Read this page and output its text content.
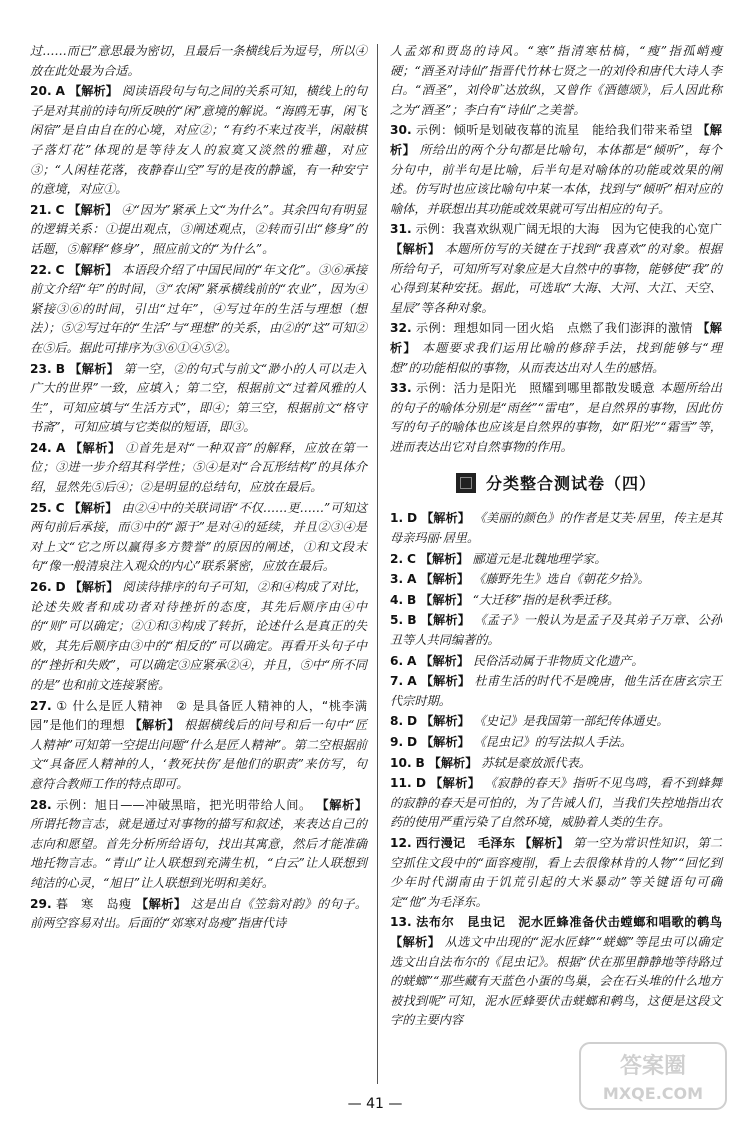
过……而已”意思最为密切，且最后一条横线后为逗号，所以④放在此处最为合适。

20. A 【解析】 阅读语段句与句之间的关系可知，横线上的句子是对其前的诗句所反映的“闲”意境的解说。“海鸥无事，闲飞闲宿”是自由自在的心境，对应②；“有约不来过夜半，闲敲棋子落灯花”体现的是等待友人的寂寞又淡然的雅趣，对应③；“人闲桂花落，夜静春山空”写的是夜的静谧，有一种安宁的意境，对应①。

21. C 【解析】 ④“因为”紧承上文“为什么”。其余四句有明显的逻辑关系：①提出观点，③阐述观点，②转而引出“修身”的话题，⑤解释“修身”，照应前文的“为什么”。

22. C 【解析】 本语段介绍了中国民间的“年文化”。③⑥承接前文介绍“年”的时间，③“农闲”紧承横线前的“农业”，因为④紧接③⑥的时间，引出“过年”，④写过年的生活与理想（想法）；⑤②写过年的“生活”与“理想”的关系，由②的“这”可知②在⑤后。据此可排序为③⑥①④⑤②。

23. B 【解析】 第一空，②的句式与前文“渺小的人可以走入广大的世界”一致，应填入；第二空，根据前文“过着风雅的人生”，可知应填与“生活方式”，即④；第三空，根据前文“格守书斋”，可知应填与它类似的短语，即③。

24. A 【解析】 ①首先是对“一种双音”的解释，应放在第一位；③进一步介绍其科学性；⑤④是对“合瓦形结构”的具体介绍，显然先⑤后④；②是明显的总结句，应放在最后。

25. C 【解析】 由②④中的关联词语“不仅……更……”可知这两句前后承接，而③中的“源于”是对④的延续，并且②③④是对上文“它之所以赢得多方赞誉”的原因的阐述，①和文段末句“像一般清泉注入观众的内心”联系紧密，应放在最后。

26. D 【解析】 阅读待排序的句子可知，②和④构成了对比，论述失败者和成功者对待挫折的态度，其先后顺序由④中的“则”可以确定；②①和③构成了转折，论述什么是真正的失败，其先后顺序由③中的“相反的”可以确定。再看开头句子中的“挫折和失败”，可以确定③应紧承②④，并且，⑤中“所不同的是”也和前文连接紧密。

27. ① 什么是匠人精神　② 是具备匠人精神的人，“桃李满园”是他们的理想 【解析】 根据横线后的问号和后一句中“匠人精神”可知第一空提出问题“什么是匠人精神”。第二空根据前文“具备匠人精神的人，‘教死扶伤’是他们的职责”来仿写，句意符合教师工作的特点即可。

28. 示例：旭日——冲破黑暗，把光明带给人间。 【解析】 所谓托物言志，就是通过对事物的描写和叙述，来表达自己的志向和愿望。首先分析所给语句，找出其寓意，然后才能准确地托物言志。“青山”让人联想到充满生机，“白云”让人联想到纯洁的心灵，“旭日”让人联想到光明和美好。

29. 暮　寒　岛瘦 【解析】 这是出自《笠翁对韵》的句子。前两空容易对出。后面的“郊寒对岛瘦”指唐代诗

人孟郊和贾岛的诗风。“寒”指清寒枯槁，“瘦”指孤峭瘦硬；“酒圣对诗仙”指晋代竹林七贤之一的刘伶和唐代大诗人李白。“酒圣”，刘伶旷达放纵，又曾作《酒德颂》，后人因此称之为“酒圣”；李白有“诗仙”之美誉。

30. 示例：倾听是划破夜幕的流星　能给我们带来希望 【解析】 所给出的两个分句都是比喻句，本体都是“倾听”，每个分句中，前半句是比喻，后半句是对喻体的功能或效果的阐述。仿写时也应该比喻句中某一本体，找到与“倾听”相对应的喻体，并联想出其功能或效果就可写出相应的句子。

31. 示例：我喜欢纵观广阔无垠的大海　因为它使我的心宽广 【解析】 本题所仿写的关键在于找到“我喜欢”的对象。根据所给句子，可知所写对象应是大自然中的事物，能够使“我”的心得到某种安抚。据此，可选取“大海、大河、大江、天空、星辰”等各种对象。

32. 示例：理想如同一团火焰　点燃了我们澎湃的激情 【解析】 本题要求我们运用比喻的修辞手法，找到能够与“理想”的功能相似的事物，从而表达出对人生的感悟。

33. 示例：活力是阳光　照耀到哪里都散发暖意 本题所给出的句子的喻体分别是“雨丝”“雷电”，是自然界的事物，因此仿写的句子的喻体也应该是自然界的事物，如“阳光”“霜雪”等，进而表达出它对自然事物的作用。

分类整合测试卷（四）

1. D 【解析】 《美丽的颜色》的作者是艾芙·居里，传主是其母亲玛丽·居里。

2. C 【解析】 郦道元是北魏地理学家。

3. A 【解析】 《藤野先生》选自《朝花夕拾》。

4. B 【解析】 “大迁移”指的是秋季迁移。

5. B 【解析】 《孟子》一般认为是孟子及其弟子万章、公孙丑等人共同编著的。

6. A 【解析】 民俗活动属于非物质文化遗产。

7. A 【解析】 杜甫生活的时代不是晚唐，他生活在唐玄宗王代宗时期。

8. D 【解析】 《史记》是我国第一部纪传体通史。

9. D 【解析】 《昆虫记》的写法拟人手法。

10. B 【解析】 苏轼是豪放派代表。

11. D 【解析】 《寂静的春天》指听不见鸟鸣，看不到蜂舞的寂静的春天是可怕的，为了告诫人们，当我们失控地指出农药的使用严重污染了自然环境，威胁着人类的生存。

12. 西行漫记　毛泽东 【解析】 第一空为常识性知识，第二空抓住文段中的“面容瘦削，看上去很像林肯的人物”“回忆到少年时代湖南由于饥荒引起的大米暴动”等关键语句可确定“他”为毛泽东。

13. 法布尔　昆虫记　泥水匠蜂准备伏击螳螂和唱歌的鹌鸟 【解析】 从选文中出现的“泥水匠蜂”“蜣螂”等昆虫可以确定选文出自法布尔的《昆虫记》。根据“伏在那里静静地等待路过的蜣螂”“那些藏有天蓝色小蛋的鸟巢，会在石头堆的什么地方被找到呢”可知，泥水匠蜂要伏击蜣螂和鹌鸟，这便是这段文字的主要内容

— 41 —
答案圈
MXQE.COM
